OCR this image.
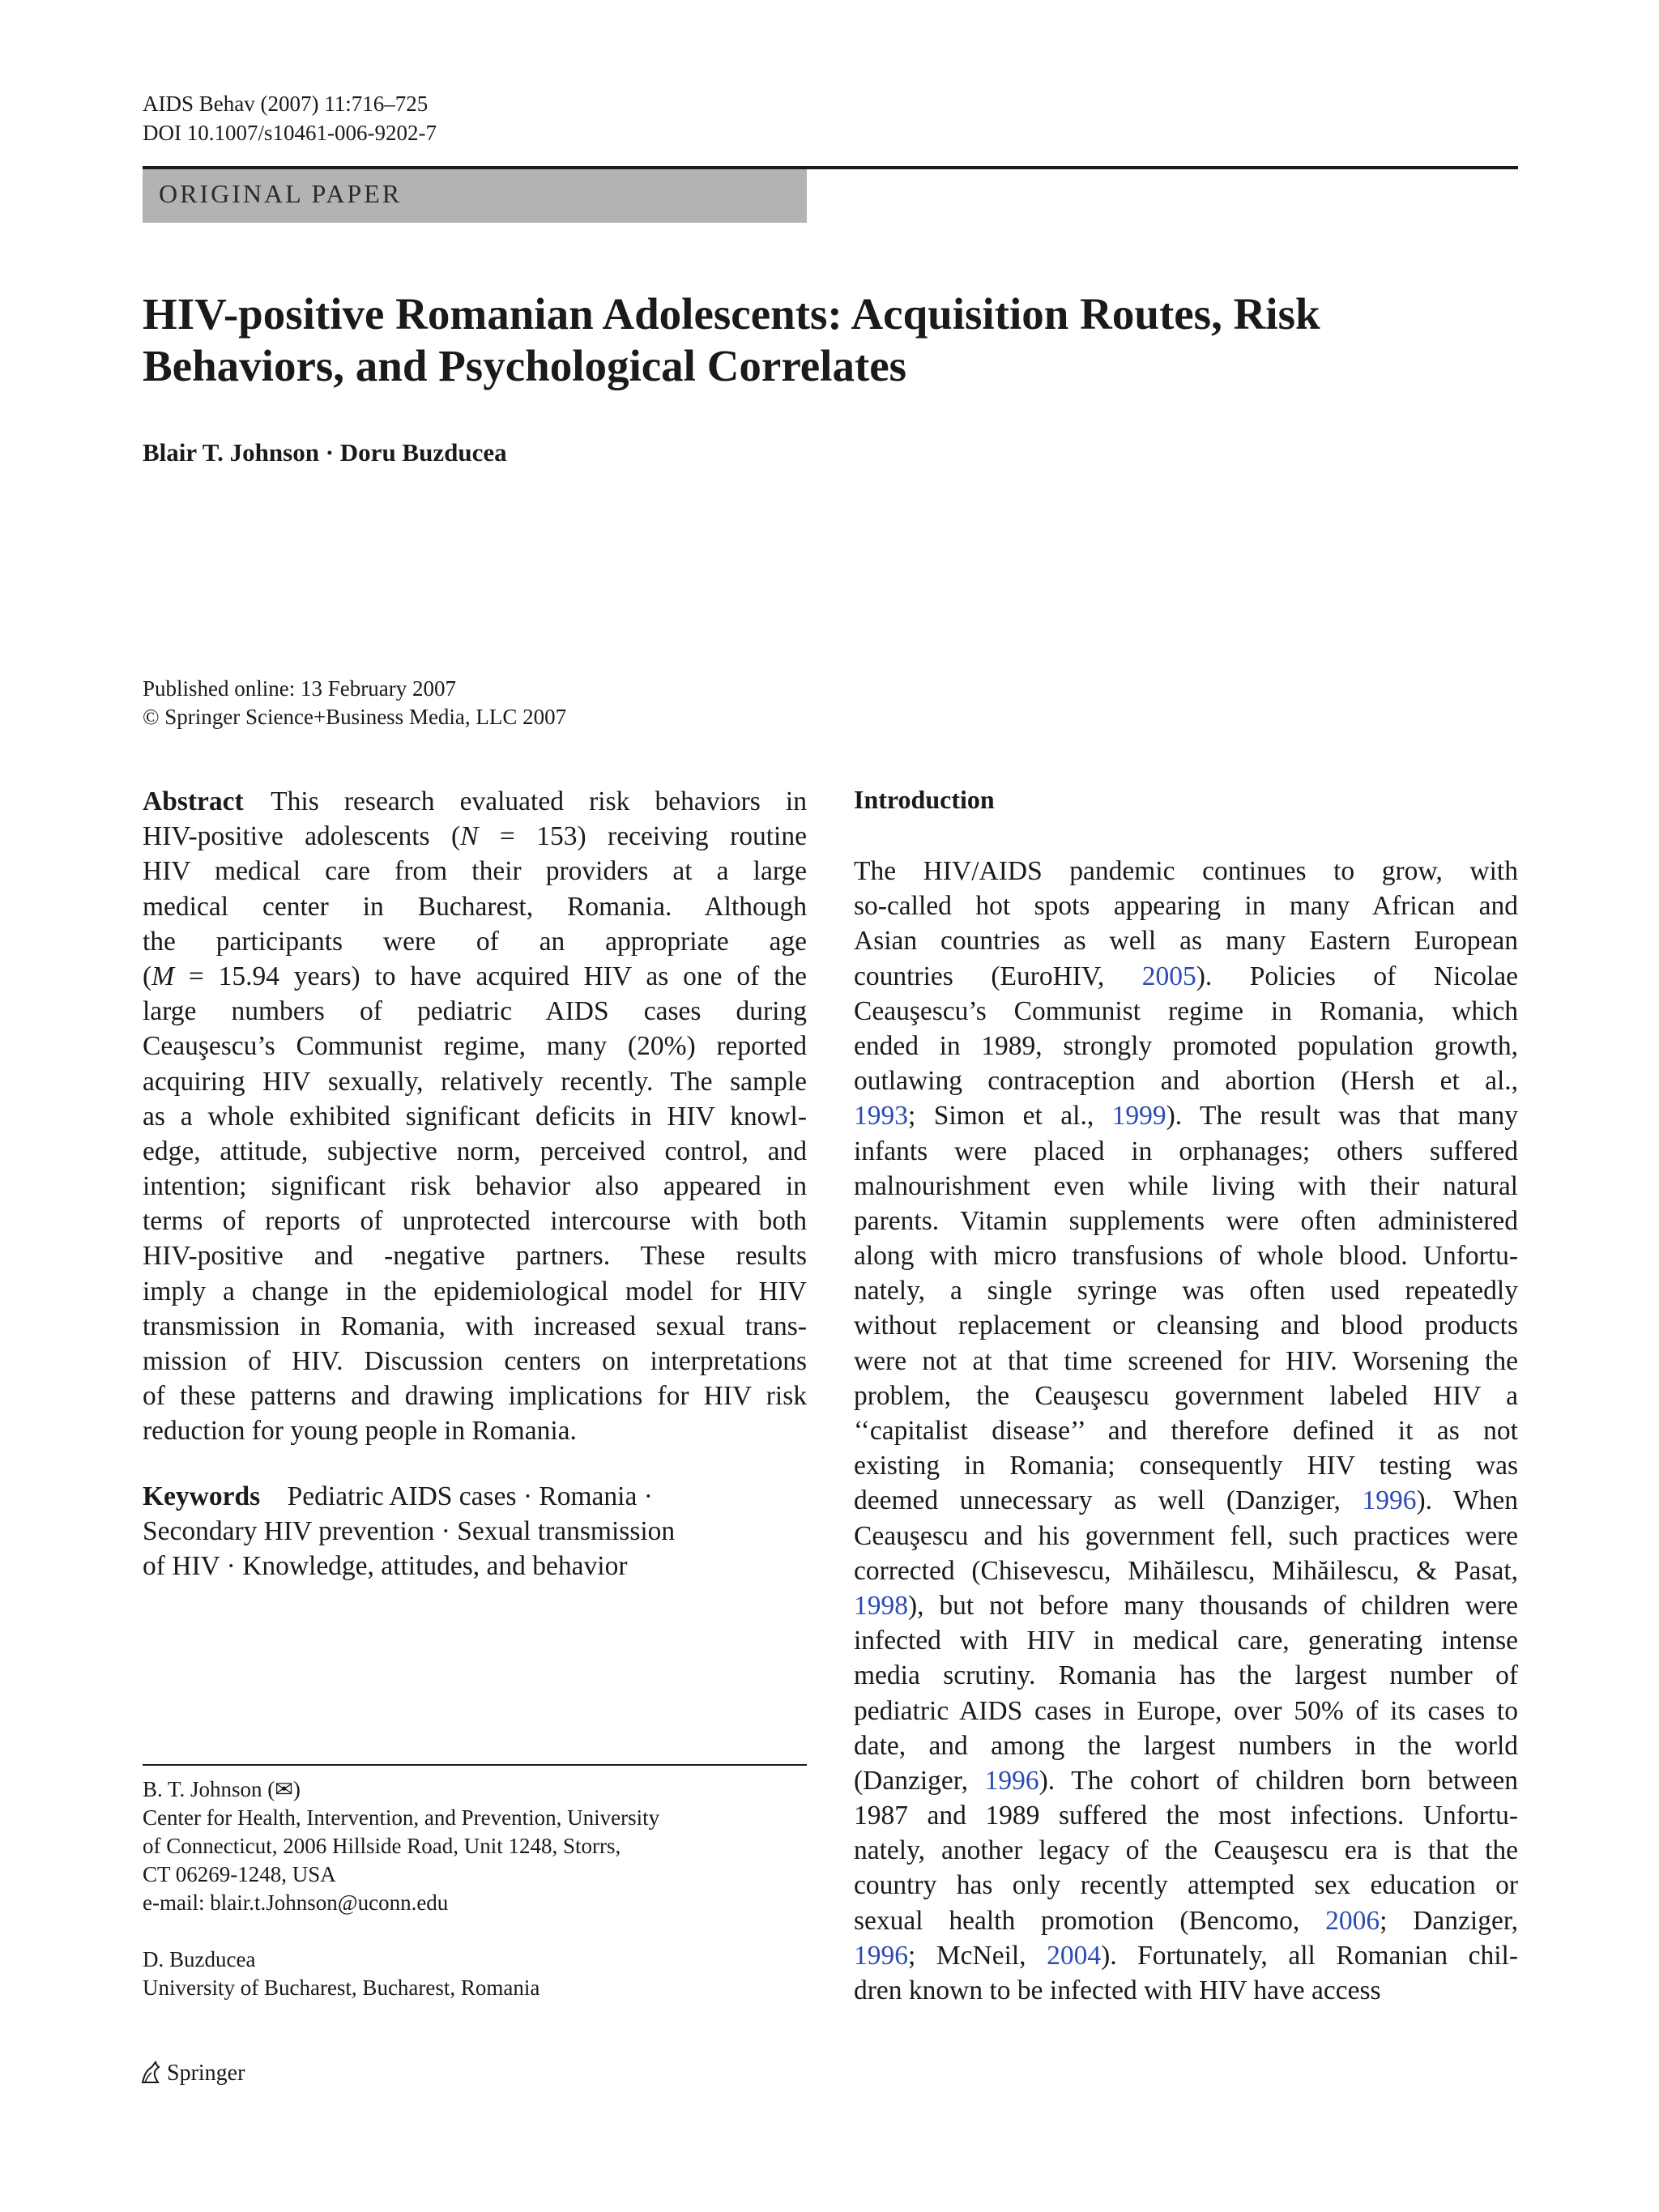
AIDS Behav (2007) 11:716–725
DOI 10.1007/s10461-006-9202-7
ORIGINAL PAPER
HIV-positive Romanian Adolescents: Acquisition Routes, Risk
Behaviors, and Psychological Correlates
Blair T. Johnson · Doru Buzducea
Published online: 13 February 2007
© Springer Science+Business Media, LLC 2007
Abstract This research evaluated risk behaviors in
HIV-positive adolescents (N = 153) receiving routine
HIV medical care from their providers at a large
medical center in Bucharest, Romania. Although
the participants were of an appropriate age
(M = 15.94 years) to have acquired HIV as one of the
large numbers of pediatric AIDS cases during
Ceauşescu’s Communist regime, many (20%) reported
acquiring HIV sexually, relatively recently. The sample
as a whole exhibited significant deficits in HIV knowl-
edge, attitude, subjective norm, perceived control, and
intention; significant risk behavior also appeared in
terms of reports of unprotected intercourse with both
HIV-positive and -negative partners. These results
imply a change in the epidemiological model for HIV
transmission in Romania, with increased sexual trans-
mission of HIV. Discussion centers on interpretations
of these patterns and drawing implications for HIV risk
reduction for young people in Romania.
Keywords Pediatric AIDS cases · Romania ·
Secondary HIV prevention · Sexual transmission
of HIV · Knowledge, attitudes, and behavior
Introduction
The HIV/AIDS pandemic continues to grow, with
so-called hot spots appearing in many African and
Asian countries as well as many Eastern European
countries (EuroHIV, 2005). Policies of Nicolae
Ceauşescu’s Communist regime in Romania, which
ended in 1989, strongly promoted population growth,
outlawing contraception and abortion (Hersh et al.,
1993; Simon et al., 1999). The result was that many
infants were placed in orphanages; others suffered
malnourishment even while living with their natural
parents. Vitamin supplements were often administered
along with micro transfusions of whole blood. Unfortu-
nately, a single syringe was often used repeatedly
without replacement or cleansing and blood products
were not at that time screened for HIV. Worsening the
problem, the Ceauşescu government labeled HIV a
‘‘capitalist disease’’ and therefore defined it as not
existing in Romania; consequently HIV testing was
deemed unnecessary as well (Danziger, 1996). When
Ceauşescu and his government fell, such practices were
corrected (Chisevescu, Mihăilescu, Mihăilescu, & Pasat,
1998), but not before many thousands of children were
infected with HIV in medical care, generating intense
media scrutiny. Romania has the largest number of
pediatric AIDS cases in Europe, over 50% of its cases to
date, and among the largest numbers in the world
(Danziger, 1996). The cohort of children born between
1987 and 1989 suffered the most infections. Unfortu-
nately, another legacy of the Ceauşescu era is that the
country has only recently attempted sex education or
sexual health promotion (Bencomo, 2006; Danziger,
1996; McNeil, 2004). Fortunately, all Romanian chil-
dren known to be infected with HIV have access
B. T. Johnson (✉)
Center for Health, Intervention, and Prevention, University
of Connecticut, 2006 Hillside Road, Unit 1248, Storrs,
CT 06269-1248, USA
e-mail: blair.t.Johnson@uconn.edu
D. Buzducea
University of Bucharest, Bucharest, Romania
Springer
